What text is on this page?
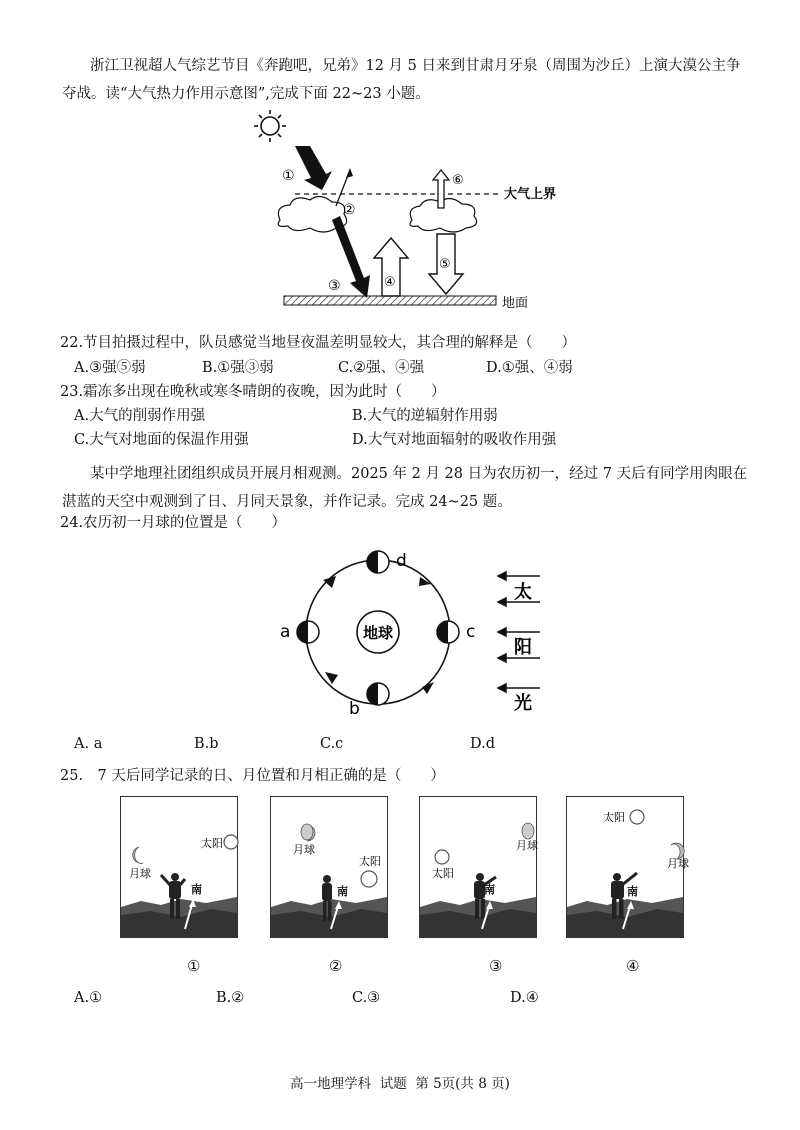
浙江卫视超人气综艺节目《奔跑吧，兄弟》12 月 5 日来到甘肃月牙泉（周围为沙丘）上演大漠公主争夺战。读“大气热力作用示意图”,完成下面 22~23 小题。
①
大气上界
②
③	④
⑥
⑤
地面
22.节目拍摄过程中，队员感觉当地昼夜温差明显较大，其合理的解释是（　　）
A.③强⑤弱	B.①强③弱	C.②强、④强	D.①强、④弱
23.霜冻多出现在晚秋或寒冬晴朗的夜晚，因为此时（　　）
A.大气的削弱作用强	B.大气的逆辐射作用弱
C.大气对地面的保温作用强	D.大气对地面辐射的吸收作用强
某中学地理社团组织成员开展月相观测。2025 年 2 月 28 日为农历初一，经过 7 天后有同学用肉眼在湛蓝的天空中观测到了日、月同天景象，并作记录。完成 24~25 题。
24.农历初一月球的位置是（　　）
地球
d
a	c
b
太
阳
光
A. a	B.b	C.c	D.d
25.　7 天后同学记录的日、月位置和月相正确的是（　　）
太阳
月球
南
月球
太阳
南
月球
太阳
南
太阳
月球
南
①	②	③	④
A.①	B.②	C.③	D.④
高一地理学科  试题  第 5页(共 8 页)
